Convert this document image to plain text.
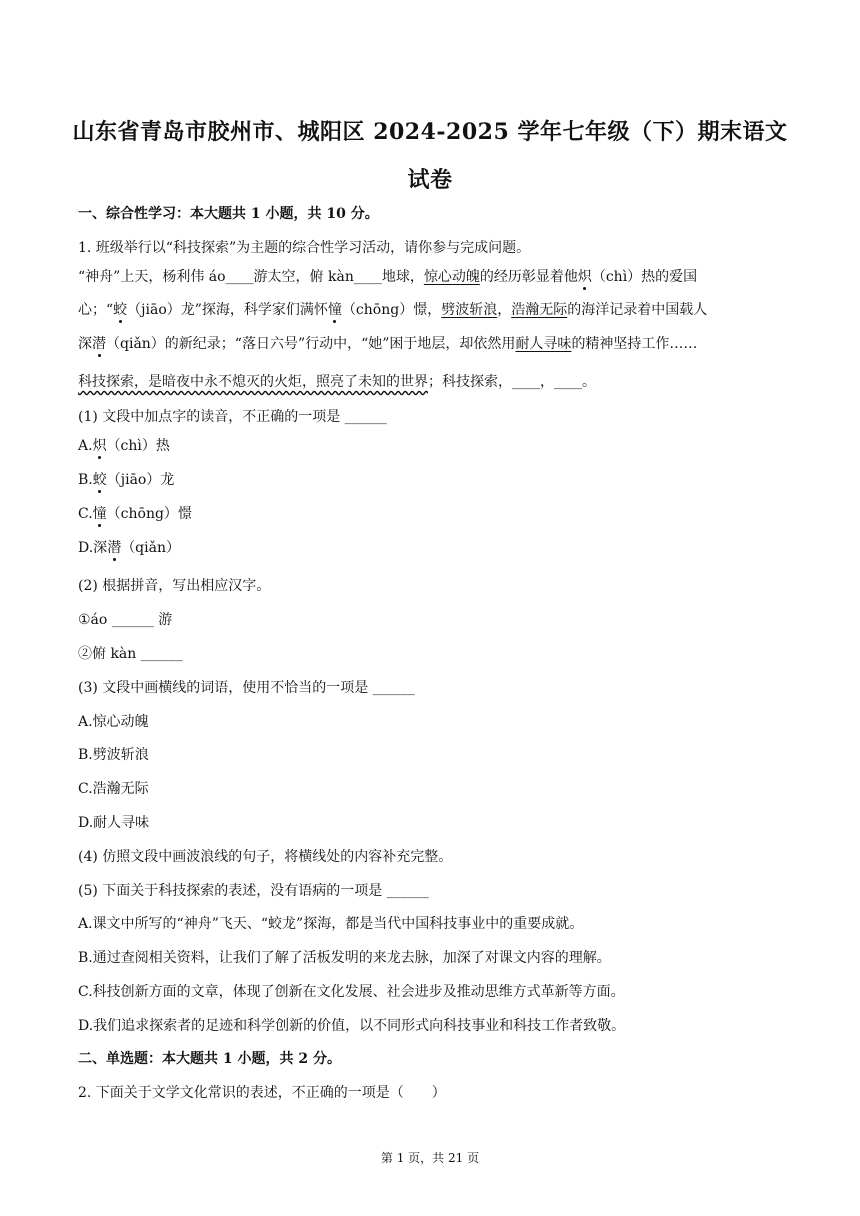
山东省青岛市胶州市、城阳区 2024-2025 学年七年级（下）期末语文
试卷
一、综合性学习：本大题共 1 小题，共 10 分。
1. 班级举行以“科技探索”为主题的综合性学习活动，请你参与完成问题。
“神舟”上天，杨利伟 áo____游太空，俯 kàn____地球，惊心动魄的经历彰显着他炽（chì）热的爱国
心；“蛟（jiāo）龙”探海，科学家们满怀憧（chōng）憬，劈波斩浪，浩瀚无际的海洋记录着中国载人
深潜（qiǎn）的新纪录；“落日六号”行动中，“她”困于地层，却依然用耐人寻味的精神坚持工作……
科技探索，是暗夜中永不熄灭的火炬，照亮了未知的世界；科技探索，____，____。
(1) 文段中加点字的读音，不正确的一项是 ______
A.炽（chì）热
B.蛟（jiāo）龙
C.憧（chōng）憬
D.深潜（qiǎn）
(2) 根据拼音，写出相应汉字。
①áo ______ 游
②俯 kàn ______
(3) 文段中画横线的词语，使用不恰当的一项是 ______
A.惊心动魄
B.劈波斩浪
C.浩瀚无际
D.耐人寻味
(4) 仿照文段中画波浪线的句子，将横线处的内容补充完整。
(5) 下面关于科技探索的表述，没有语病的一项是 ______
A.课文中所写的“神舟”飞天、“蛟龙”探海，都是当代中国科技事业中的重要成就。
B.通过查阅相关资料，让我们了解了活板发明的来龙去脉，加深了对课文内容的理解。
C.科技创新方面的文章，体现了创新在文化发展、社会进步及推动思维方式革新等方面。
D.我们追求探索者的足迹和科学创新的价值，以不同形式向科技事业和科技工作者致敬。
二、单选题：本大题共 1 小题，共 2 分。
2. 下面关于文学文化常识的表述，不正确的一项是（　　）
第 1 页，共 21 页
